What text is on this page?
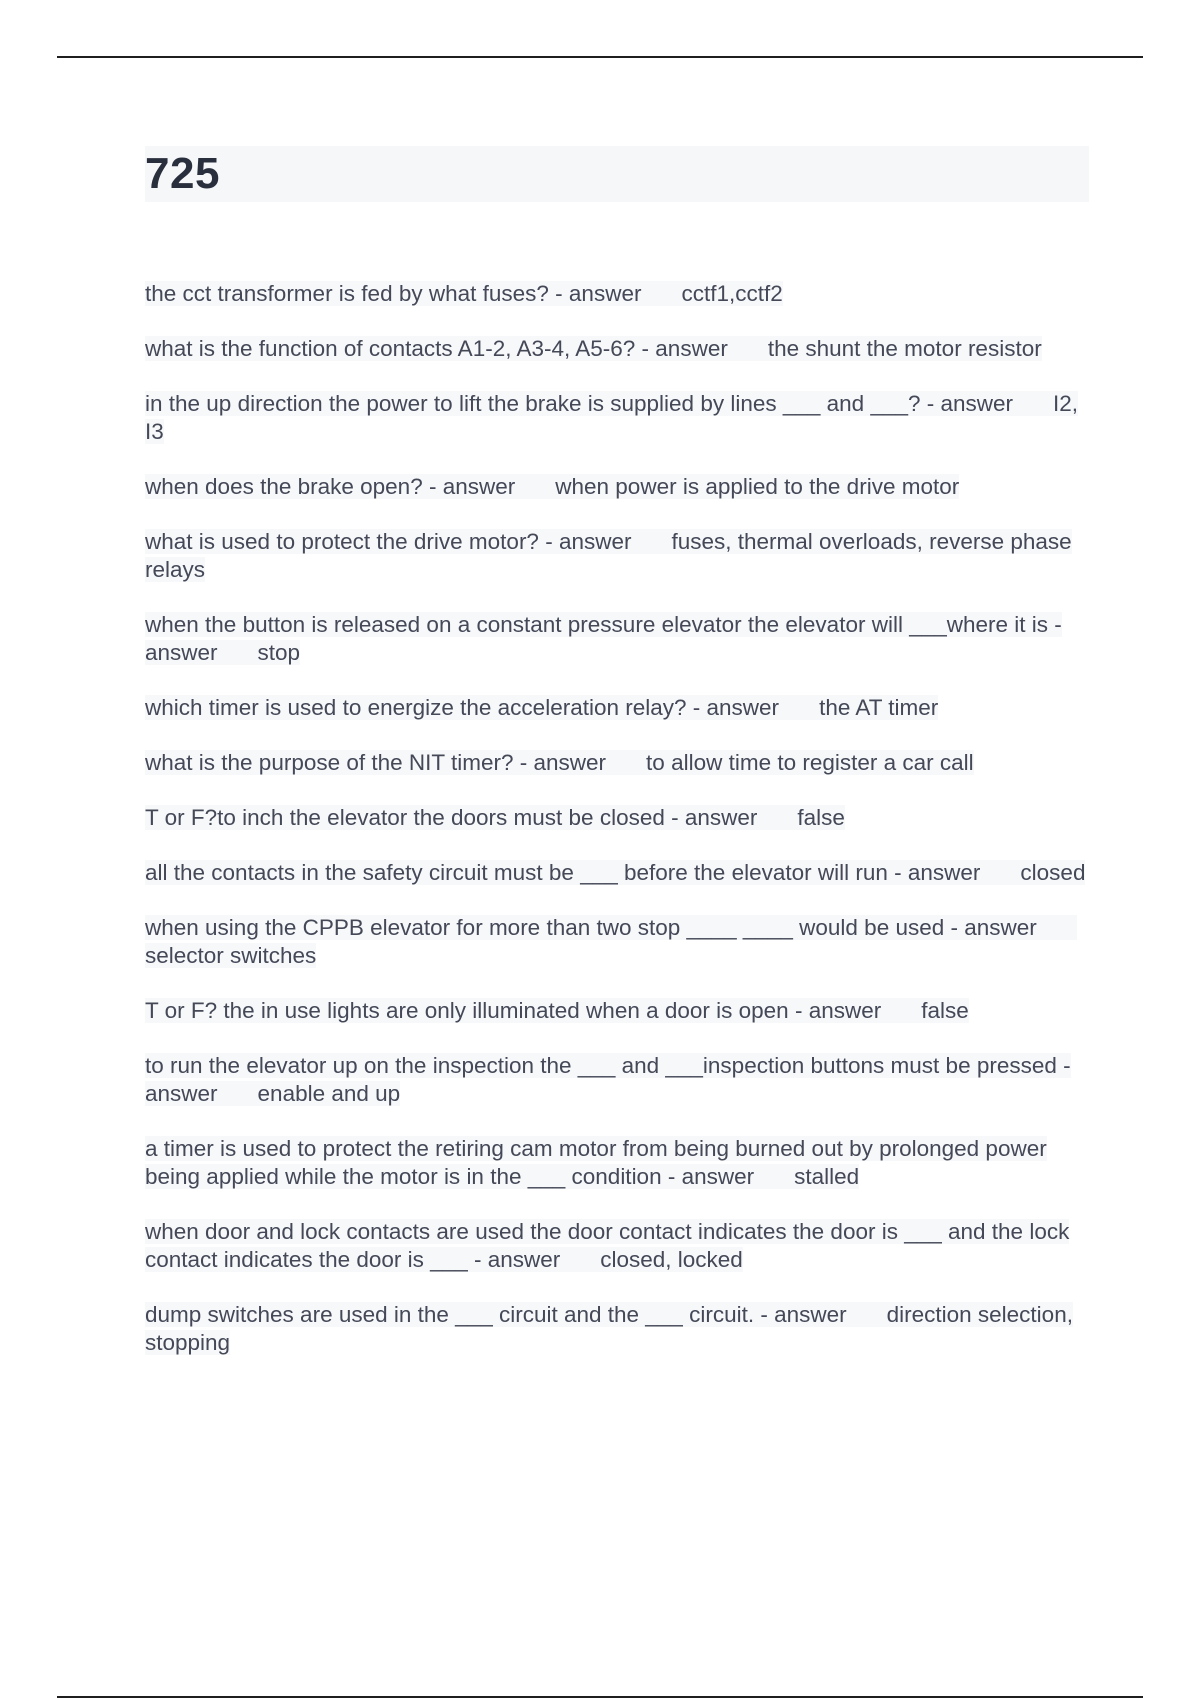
725

the cct transformer is fed by what fuses? - answer cctf1,cctf2

what is the function of contacts A1-2, A3-4, A5-6? - answer the shunt the motor resistor

in the up direction the power to lift the brake is supplied by lines ___ and ___? - answer I2, I3

when does the brake open? - answer when power is applied to the drive motor

what is used to protect the drive motor? - answer fuses, thermal overloads, reverse phase relays

when the button is released on a constant pressure elevator the elevator will ___where it is - answer stop

which timer is used to energize the acceleration relay? - answer the AT timer

what is the purpose of the NIT timer? - answer to allow time to register a car call

T or F?to inch the elevator the doors must be closed - answer false

all the contacts in the safety circuit must be ___ before the elevator will run - answer closed

when using the CPPB elevator for more than two stop ____ ____ would be used - answerselector switches

T or F? the in use lights are only illuminated when a door is open - answer false

to run the elevator up on the inspection the ___ and ___inspection buttons must be pressed - answer enable and up

a timer is used to protect the retiring cam motor from being burned out by prolonged power being applied while the motor is in the ___ condition - answer stalled

when door and lock contacts are used the door contact indicates the door is ___ and the lock contact indicates the door is ___ - answer closed, locked

dump switches are used in the ___ circuit and the ___ circuit. - answer direction selection, stopping
